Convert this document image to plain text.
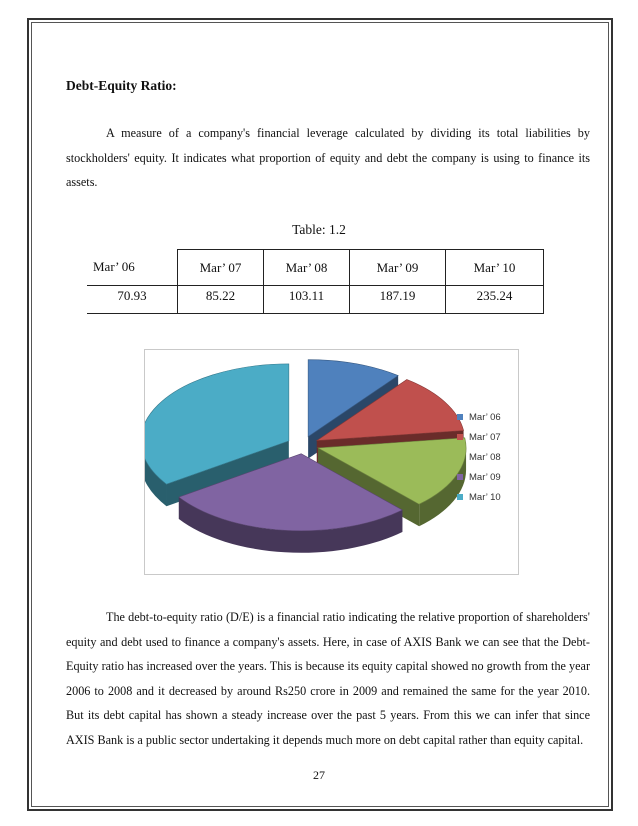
Debt-Equity Ratio:

A measure of a company's financial leverage calculated by dividing its total liabilities by stockholders' equity. It indicates what proportion of equity and debt the company is using to finance its assets.

Table: 1.2
Mar’ 06	Mar’ 07	Mar’ 08	Mar’ 09	Mar’ 10
70.93	85.22	103.11	187.19	235.24
Mar’ 06
Mar’ 07
Mar’ 08
Mar’ 09
Mar’ 10

The debt-to-equity ratio (D/E) is a financial ratio indicating the relative proportion of shareholders' equity and debt used to finance a company's assets. Here, in case of AXIS Bank we can see that the Debt-Equity ratio has increased over the years. This is because its equity capital showed no growth from the year 2006 to 2008 and it decreased by around Rs250 crore in 2009 and remained the same for the year 2010. But its debt capital has shown a steady increase over the past 5 years. From this we can infer that since AXIS Bank is a public sector undertaking it depends much more on debt capital rather than equity capital.

27
